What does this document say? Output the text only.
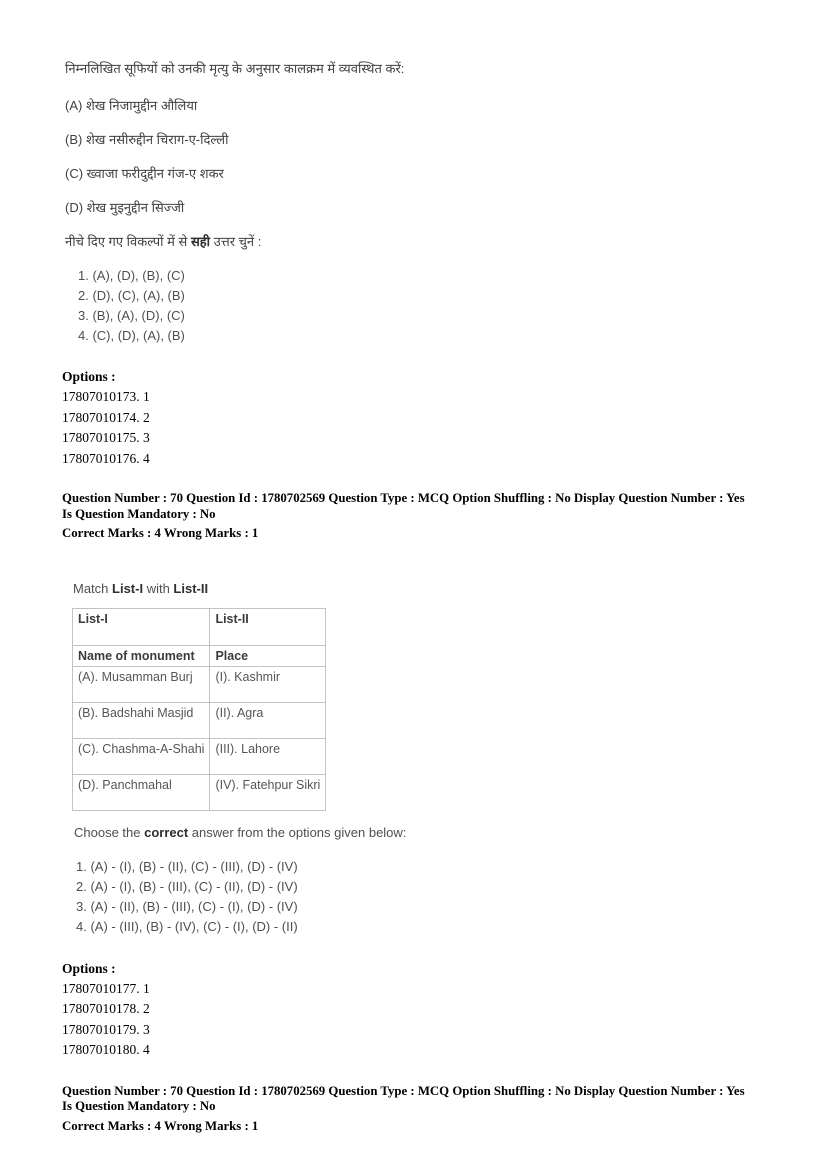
निम्नलिखित सूफियों को उनकी मृत्यु के अनुसार कालक्रम में व्यवस्थित करें:

(A) शेख निजामुद्दीन औलिया

(B) शेख नसीरुद्दीन चिराग-ए-दिल्ली

(C) ख्वाजा फरीदुद्दीन गंज-ए शकर

(D) शेख मुइनुद्दीन सिज्जी

नीचे दिए गए विकल्पों में से सही उत्तर चुनें :

1. (A), (D), (B), (C)

2. (D), (C), (A), (B)

3. (B), (A), (D), (C)

4. (C), (D), (A), (B)

Options :

17807010173. 1

17807010174. 2

17807010175. 3

17807010176. 4

Question Number : 70 Question Id : 1780702569 Question Type : MCQ Option Shuffling : No Display Question Number : Yes

Is Question Mandatory : No

Correct Marks : 4 Wrong Marks : 1

Match List-I with List-II

List-I	List-II
Name of monument	Place
(A). Musamman Burj	(I). Kashmir
(B). Badshahi Masjid	(II). Agra
(C). Chashma-A-Shahi	(III). Lahore
(D). Panchmahal	(IV). Fatehpur Sikri

Choose the correct answer from the options given below:

1. (A) - (I), (B) - (II), (C) - (III), (D) - (IV)

2. (A) - (I), (B) - (III), (C) - (II), (D) - (IV)

3. (A) - (II), (B) - (III), (C) - (I), (D) - (IV)

4. (A) - (III), (B) - (IV), (C) - (I), (D) - (II)

Options :

17807010177. 1

17807010178. 2

17807010179. 3

17807010180. 4

Question Number : 70 Question Id : 1780702569 Question Type : MCQ Option Shuffling : No Display Question Number : Yes

Is Question Mandatory : No

Correct Marks : 4 Wrong Marks : 1
